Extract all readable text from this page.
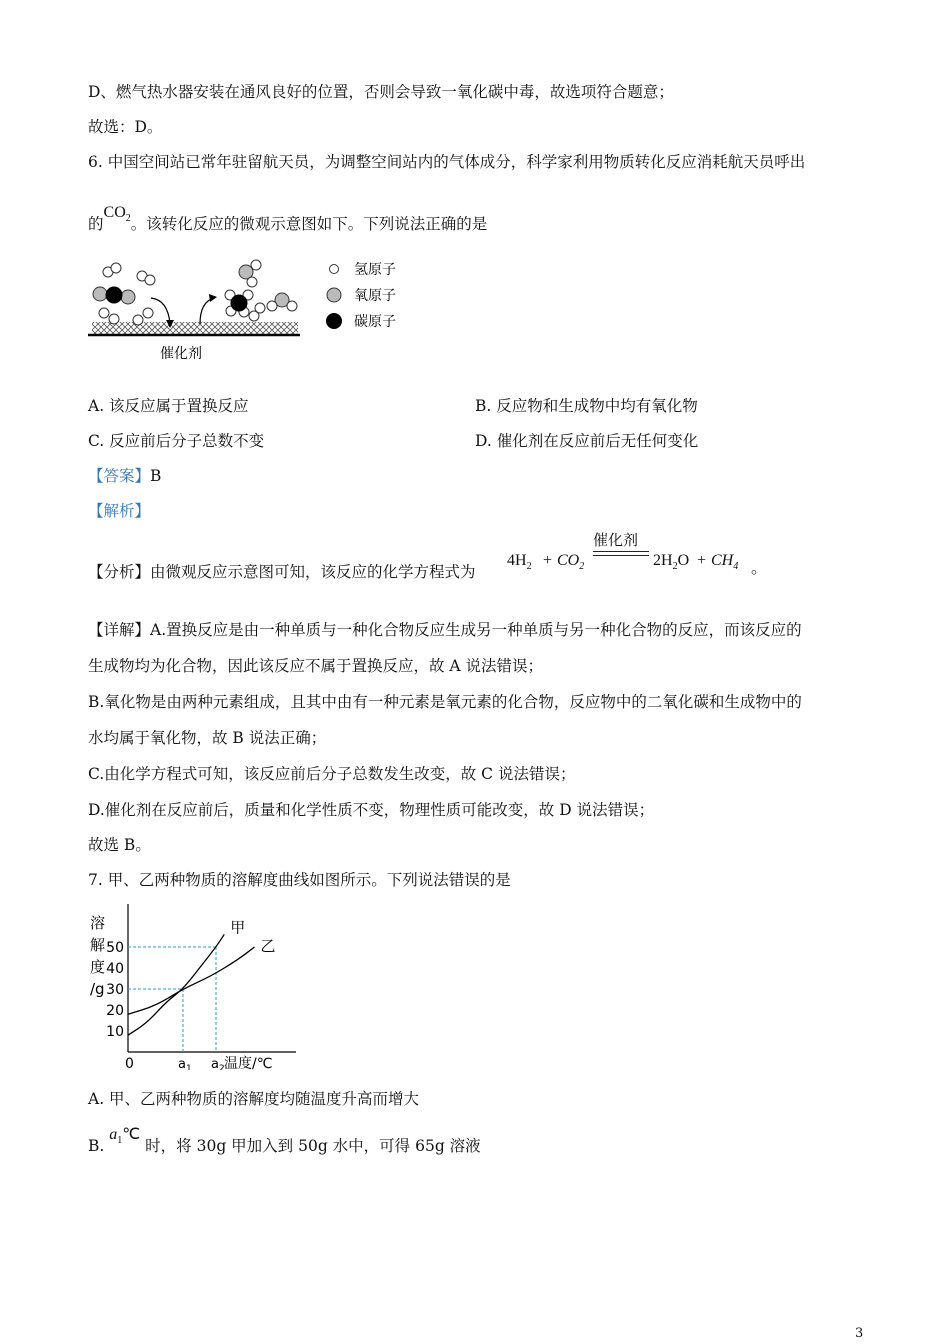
D、燃气热水器安装在通风良好的位置，否则会导致一氧化碳中毒，故选项符合题意；
故选：D。
6. 中国空间站已常年驻留航天员，为调整空间站内的气体成分，科学家利用物质转化反应消耗航天员呼出
的$CO_2$。该转化反应的微观示意图如下。下列说法正确的是
氢原子
氧原子
碳原子
催化剂
A. 该反应属于置换反应	B. 反应物和生成物中均有氧化物
C. 反应前后分子总数不变	D. 催化剂在反应前后无任何变化
【答案】B
【解析】
【分析】由微观反应示意图可知，该反应的化学方程式为
$4H_2 + CO_2$
催化剂
$2H_2O + CH_4$ 。
【详解】A.置换反应是由一种单质与一种化合物反应生成另一种单质与另一种化合物的反应，而该反应的
生成物均为化合物，因此该反应不属于置换反应，故 A 说法错误；
B.氧化物是由两种元素组成，且其中由有一种元素是氧元素的化合物，反应物中的二氧化碳和生成物中的
水均属于氧化物，故 B 说法正确；
C.由化学方程式可知，该反应前后分子总数发生改变，故 C 说法错误；
D.催化剂在反应前后，质量和化学性质不变，物理性质可能改变，故 D 说法错误；
故选 B。
7. 甲、乙两种物质的溶解度曲线如图所示。下列说法错误的是
溶
解
度
/g
50
40
30
20
10
0	$a_1$ $a_2$ 温度/℃
甲
乙
A. 甲、乙两种物质的溶解度均随温度升高而增大
B. $a_1℃$ 时，将 30g 甲加入到 50g 水中，可得 65g 溶液
3
